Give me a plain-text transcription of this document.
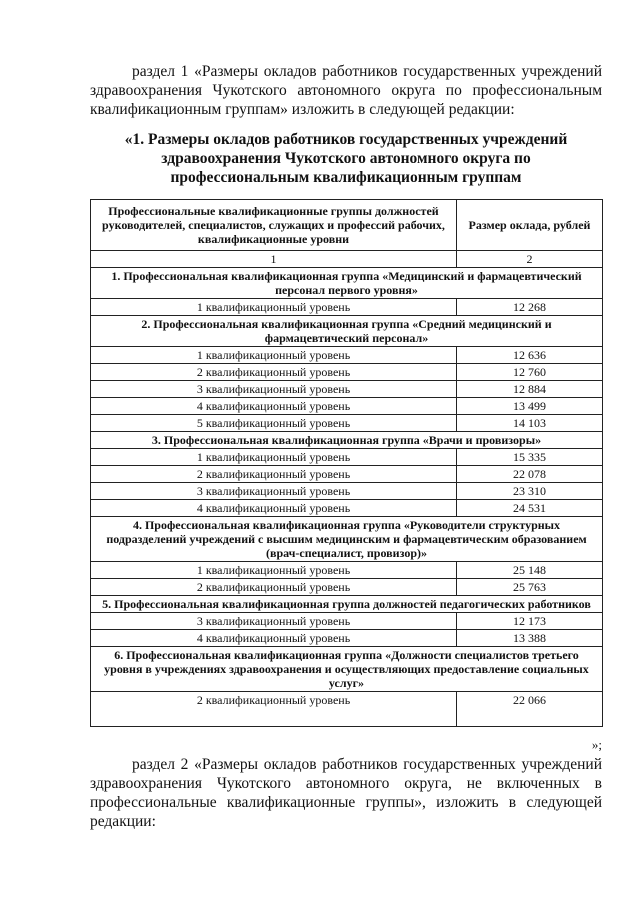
раздел 1 «Размеры окладов работников государственных учреждений здравоохранения Чукотского автономного округа по профессиональным квалификационным группам» изложить в следующей редакции:

«1. Размеры окладов работников государственных учреждений здравоохранения Чукотского автономного округа по профессиональным квалификационным группам

Профессиональные квалификационные группы должностей руководителей, специалистов, служащих и профессий рабочих, квалификационные уровни	Размер оклада, рублей
1	2
1. Профессиональная квалификационная группа «Медицинский и фармацевтический персонал первого уровня»	
1 квалификационный уровень	12 268
2. Профессиональная квалификационная группа «Средний медицинский и фармацевтический персонал»	
1 квалификационный уровень	12 636
2 квалификационный уровень	12 760
3 квалификационный уровень	12 884
4 квалификационный уровень	13 499
5 квалификационный уровень	14 103
3. Профессиональная квалификационная группа «Врачи и провизоры»	
1 квалификационный уровень	15 335
2 квалификационный уровень	22 078
3 квалификационный уровень	23 310
4 квалификационный уровень	24 531
4. Профессиональная квалификационная группа «Руководители структурных подразделений учреждений с высшим медицинским и фармацевтическим образованием (врач-специалист, провизор)»	
1 квалификационный уровень	25 148
2 квалификационный уровень	25 763
5. Профессиональная квалификационная группа должностей педагогических работников	
3 квалификационный уровень	12 173
4 квалификационный уровень	13 388
6. Профессиональная квалификационная группа «Должности специалистов третьего уровня в учреждениях здравоохранения и осуществляющих предоставление социальных услуг»	
2 квалификационный уровень	22 066
»;

раздел 2 «Размеры окладов работников государственных учреждений здравоохранения Чукотского автономного округа, не включенных в профессиональные квалификационные группы», изложить в следующей редакции:
